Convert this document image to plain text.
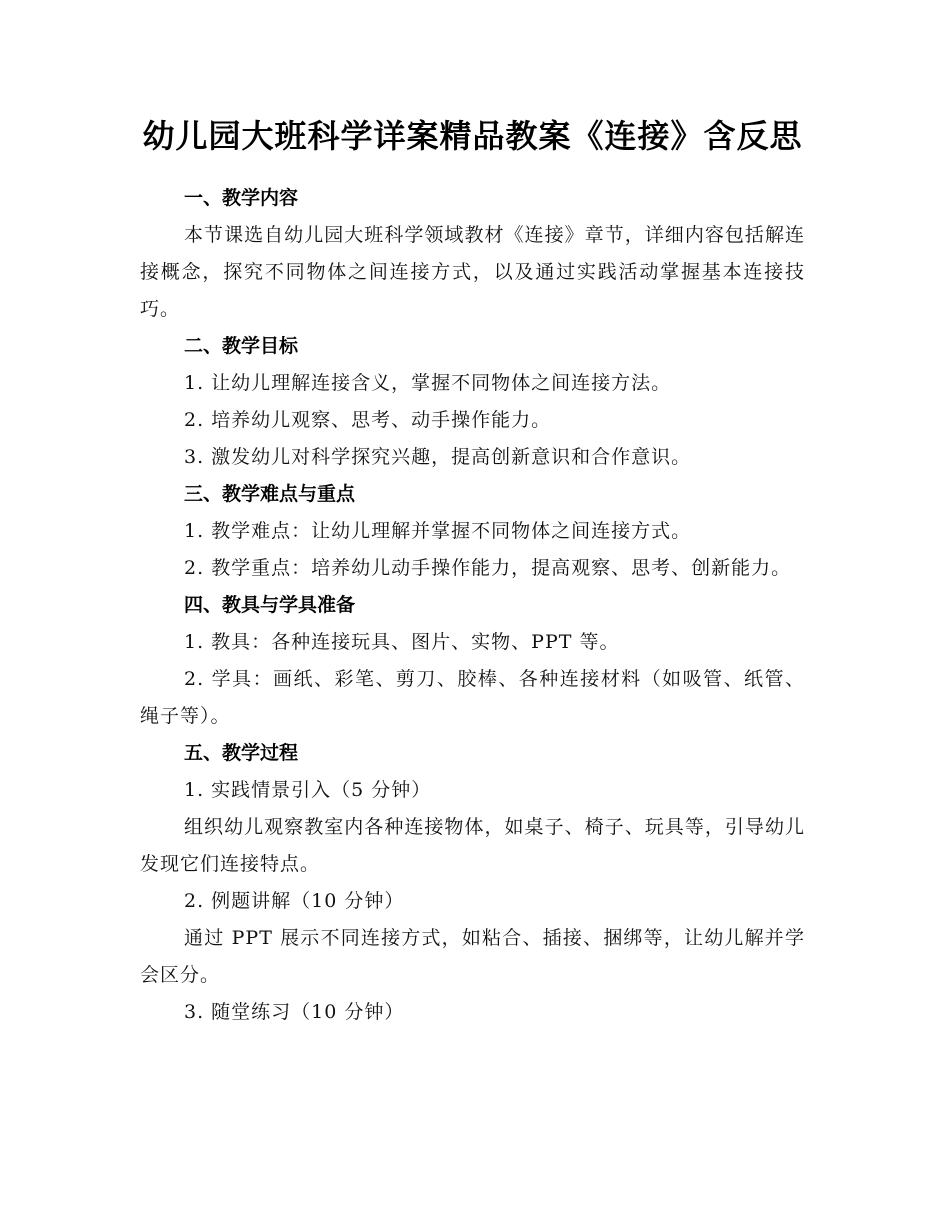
幼儿园大班科学详案精品教案《连接》含反思
一、教学内容

本节课选自幼儿园大班科学领域教材《连接》章节，详细内容包括解连接概念，探究不同物体之间连接方式，以及通过实践活动掌握基本连接技巧。

二、教学目标

1. 让幼儿理解连接含义，掌握不同物体之间连接方法。

2. 培养幼儿观察、思考、动手操作能力。

3. 激发幼儿对科学探究兴趣，提高创新意识和合作意识。

三、教学难点与重点

1. 教学难点：让幼儿理解并掌握不同物体之间连接方式。

2. 教学重点：培养幼儿动手操作能力，提高观察、思考、创新能力。

四、教具与学具准备

1. 教具：各种连接玩具、图片、实物、PPT 等。

2. 学具：画纸、彩笔、剪刀、胶棒、各种连接材料（如吸管、纸管、绳子等）。

五、教学过程

1. 实践情景引入（5 分钟）

组织幼儿观察教室内各种连接物体，如桌子、椅子、玩具等，引导幼儿发现它们连接特点。

2. 例题讲解（10 分钟）

通过 PPT 展示不同连接方式，如粘合、插接、捆绑等，让幼儿解并学会区分。

3. 随堂练习（10 分钟）
